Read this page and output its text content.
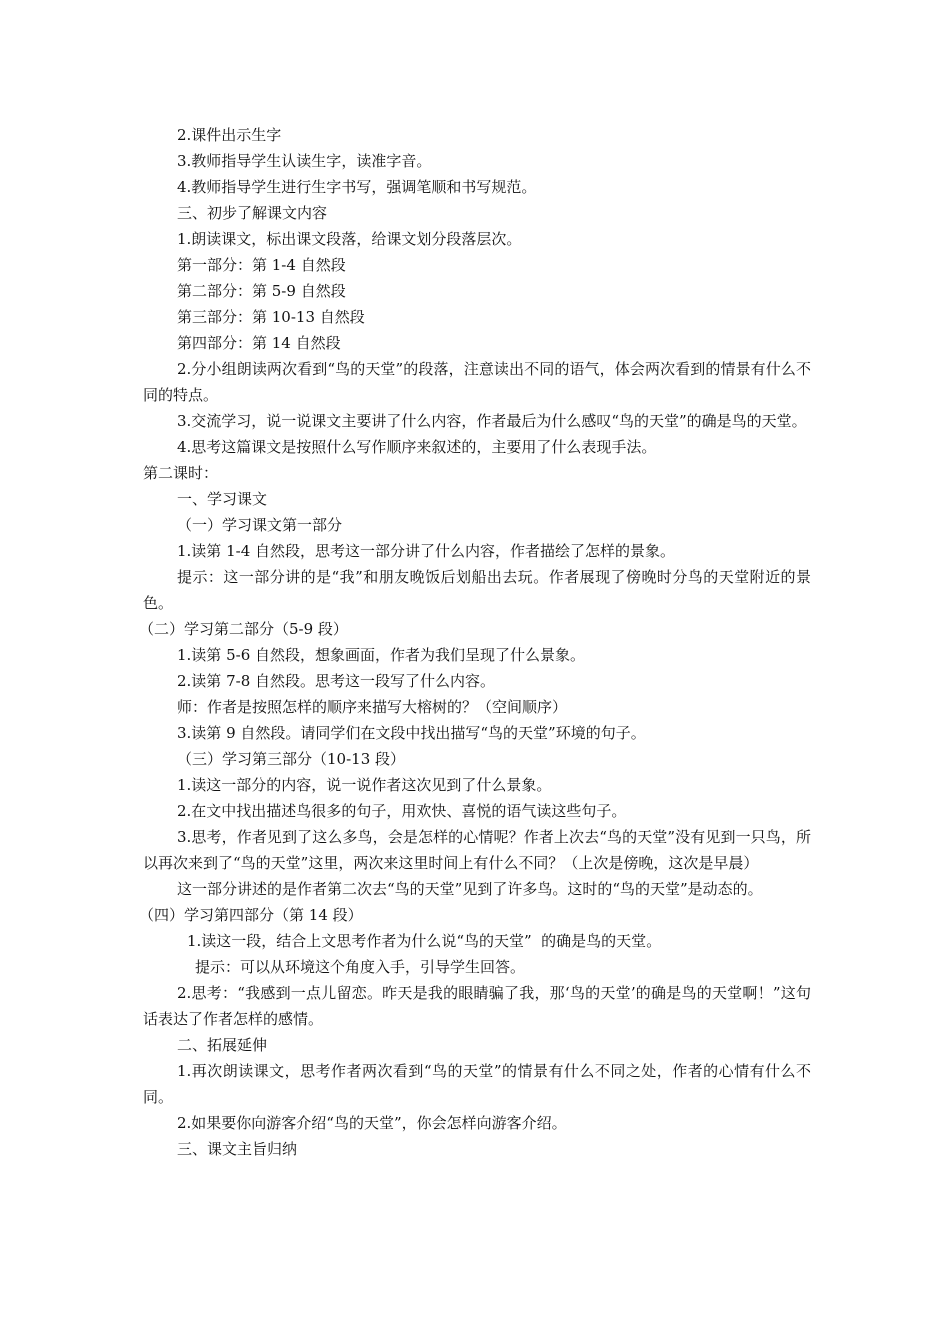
2.课件出示生字

3.教师指导学生认读生字，读准字音。

4.教师指导学生进行生字书写，强调笔顺和书写规范。

三、初步了解课文内容

1.朗读课文，标出课文段落，给课文划分段落层次。

第一部分：第 1-4 自然段

第二部分：第 5-9 自然段

第三部分：第 10-13 自然段

第四部分：第 14 自然段

2.分小组朗读两次看到“鸟的天堂”的段落，注意读出不同的语气，体会两次看到的情景有什么不同的特点。

3.交流学习，说一说课文主要讲了什么内容，作者最后为什么感叹“鸟的天堂”的确是鸟的天堂。

4.思考这篇课文是按照什么写作顺序来叙述的，主要用了什么表现手法。

第二课时：

一、学习课文

（一）学习课文第一部分

1.读第 1-4 自然段，思考这一部分讲了什么内容，作者描绘了怎样的景象。

提示：这一部分讲的是“我”和朋友晚饭后划船出去玩。作者展现了傍晚时分鸟的天堂附近的景色。

（二）学习第二部分（5-9 段）

1.读第 5-6 自然段，想象画面，作者为我们呈现了什么景象。

2.读第 7-8 自然段。思考这一段写了什么内容。

师：作者是按照怎样的顺序来描写大榕树的？（空间顺序）

3.读第 9 自然段。请同学们在文段中找出描写“鸟的天堂”环境的句子。

（三）学习第三部分（10-13 段）

1.读这一部分的内容，说一说作者这次见到了什么景象。

2.在文中找出描述鸟很多的句子，用欢快、喜悦的语气读这些句子。

3.思考，作者见到了这么多鸟，会是怎样的心情呢？作者上次去“鸟的天堂”没有见到一只鸟，所以再次来到了“鸟的天堂”这里，两次来这里时间上有什么不同？（上次是傍晚，这次是早晨）

这一部分讲述的是作者第二次去“鸟的天堂”见到了许多鸟。这时的“鸟的天堂”是动态的。

（四）学习第四部分（第 14 段）

1.读这一段，结合上文思考作者为什么说“鸟的天堂”  的确是鸟的天堂。

提示：可以从环境这个角度入手，引导学生回答。

2.思考：“我感到一点儿留恋。昨天是我的眼睛骗了我，那‘鸟的天堂’的确是鸟的天堂啊！”这句话表达了作者怎样的感情。

二、拓展延伸

1.再次朗读课文，思考作者两次看到“鸟的天堂”的情景有什么不同之处，作者的心情有什么不同。

2.如果要你向游客介绍“鸟的天堂”，你会怎样向游客介绍。

三、课文主旨归纳
